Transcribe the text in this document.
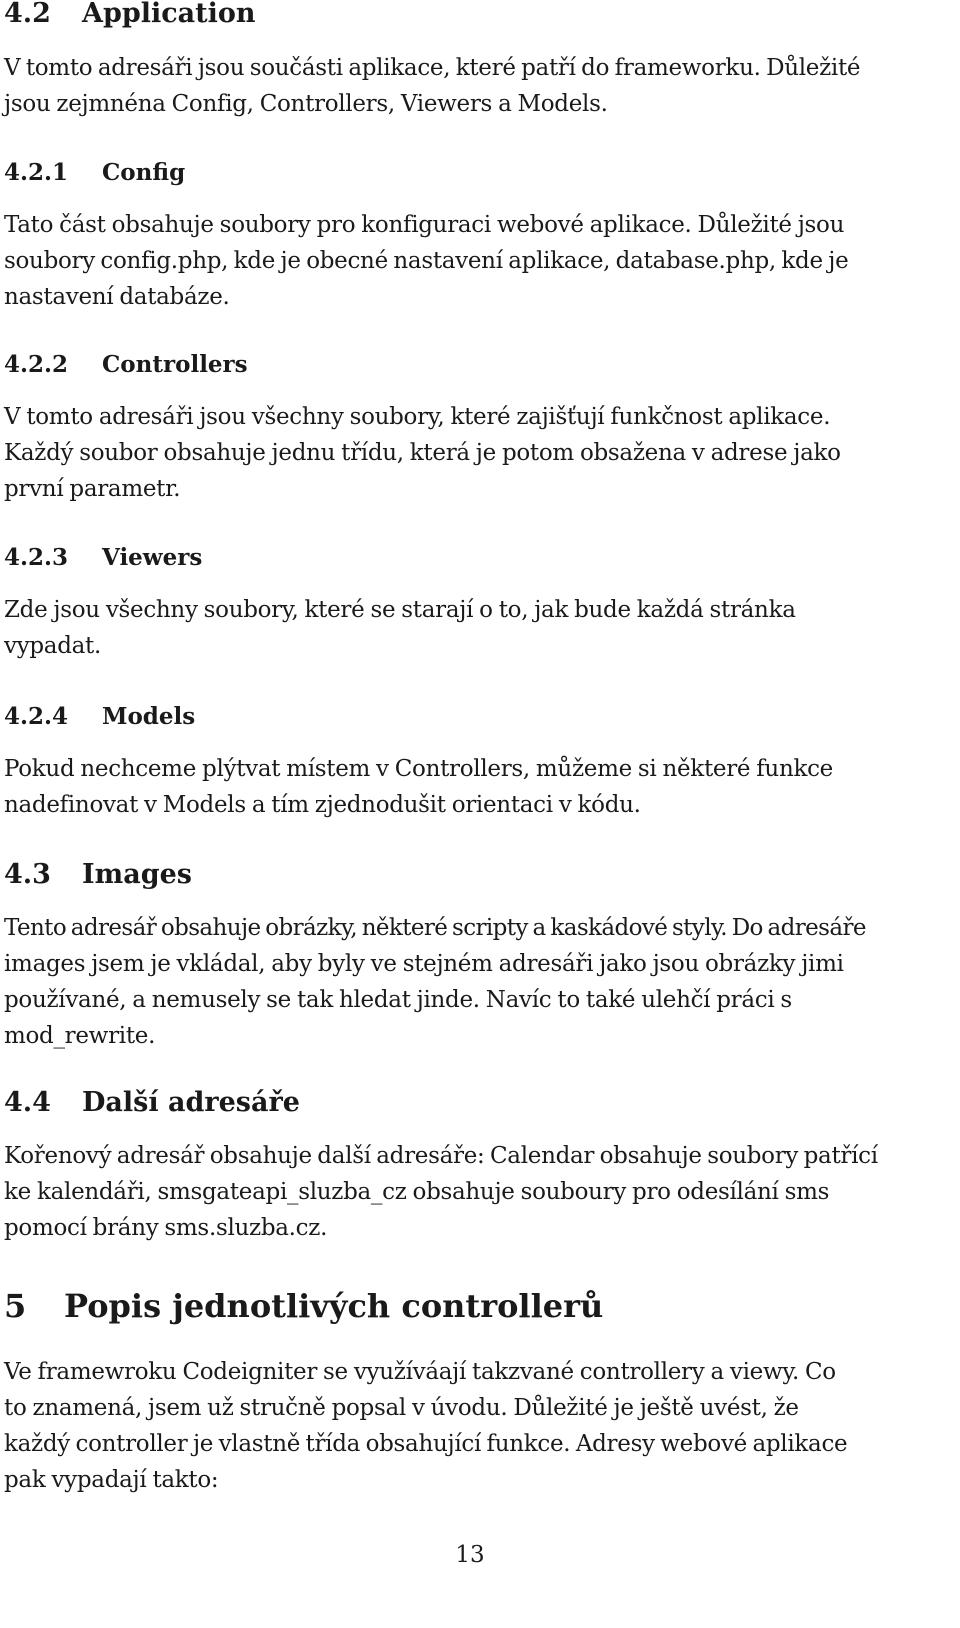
4.2 Application
V tomto adresáři jsou součásti aplikace, které patří do frameworku. Důležité
jsou zejmnéna Config, Controllers, Viewers a Models.
4.2.1 Config
Tato část obsahuje soubory pro konfiguraci webové aplikace. Důležité jsou
soubory config.php, kde je obecné nastavení aplikace, database.php, kde je
nastavení databáze.
4.2.2 Controllers
V tomto adresáři jsou všechny soubory, které zajišťují funkčnost aplikace.
Každý soubor obsahuje jednu třídu, která je potom obsažena v adrese jako
první parametr.
4.2.3 Viewers
Zde jsou všechny soubory, které se starají o to, jak bude každá stránka
vypadat.
4.2.4 Models
Pokud nechceme plýtvat místem v Controllers, můžeme si některé funkce
nadefinovat v Models a tím zjednodušit orientaci v kódu.
4.3 Images
Tento adresář obsahuje obrázky, některé scripty a kaskádové styly. Do adresáře
images jsem je vkládal, aby byly ve stejném adresáři jako jsou obrázky jimi
používané, a nemusely se tak hledat jinde. Navíc to také ulehčí práci s
mod_rewrite.
4.4 Další adresáře
Kořenový adresář obsahuje další adresáře: Calendar obsahuje soubory patřící
ke kalendáři, smsgateapi_sluzba_cz obsahuje souboury pro odesílání sms
pomocí brány sms.sluzba.cz.
5 Popis jednotlivých controllerů
Ve framewroku Codeigniter se využíváají takzvané controllery a viewy. Co
to znamená, jsem už stručně popsal v úvodu. Důležité je ještě uvést, že
každý controller je vlastně třída obsahující funkce. Adresy webové aplikace
pak vypadají takto:
13
